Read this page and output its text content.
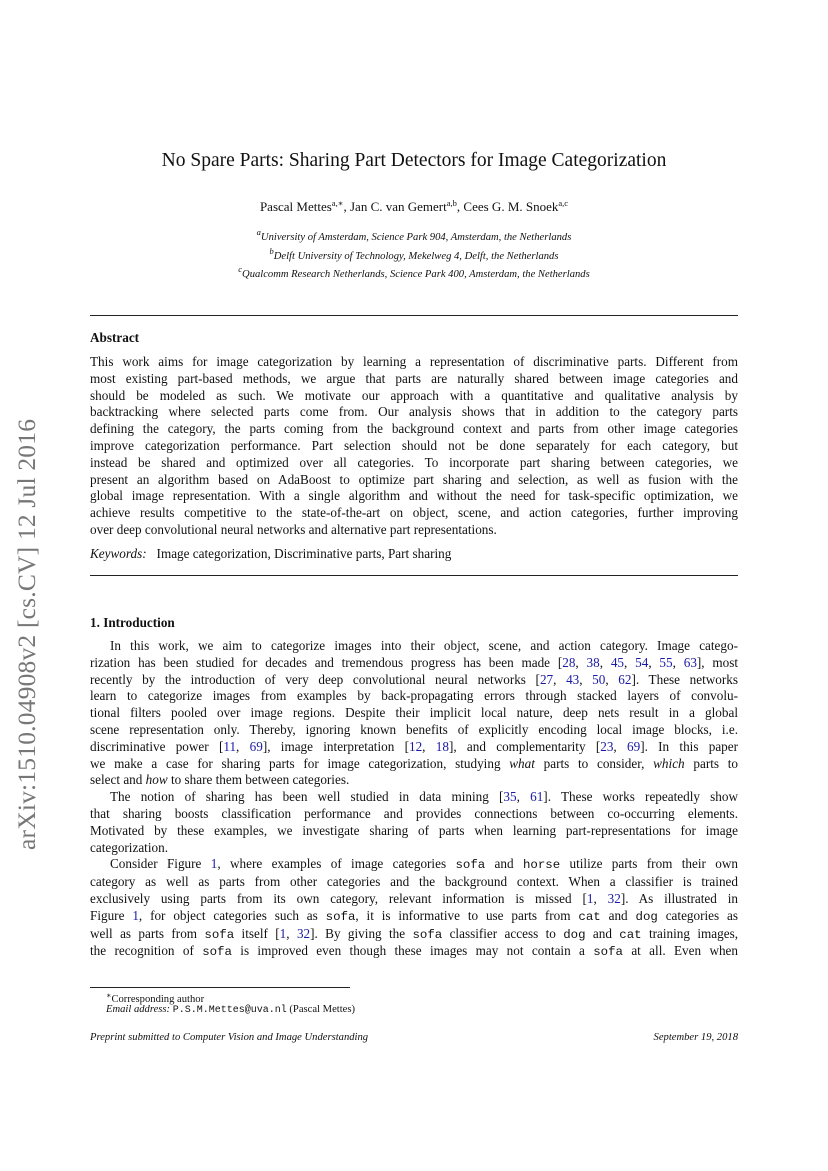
arXiv:1510.04908v2 [cs.CV] 12 Jul 2016
No Spare Parts: Sharing Part Detectors for Image Categorization
Pascal Mettes$^{a,∗}$, Jan C. van Gemert$^{a,b}$, Cees G. M. Snoek$^{a,c}$
$^a$University of Amsterdam, Science Park 904, Amsterdam, the Netherlands
$^b$Delft University of Technology, Mekelweg 4, Delft, the Netherlands
$^c$Qualcomm Research Netherlands, Science Park 400, Amsterdam, the Netherlands
Abstract
This work aims for image categorization by learning a representation of discriminative parts. Different from
most existing part-based methods, we argue that parts are naturally shared between image categories and
should be modeled as such. We motivate our approach with a quantitative and qualitative analysis by
backtracking where selected parts come from. Our analysis shows that in addition to the category parts
defining the category, the parts coming from the background context and parts from other image categories
improve categorization performance. Part selection should not be done separately for each category, but
instead be shared and optimized over all categories. To incorporate part sharing between categories, we
present an algorithm based on AdaBoost to optimize part sharing and selection, as well as fusion with the
global image representation. With a single algorithm and without the need for task-specific optimization, we
achieve results competitive to the state-of-the-art on object, scene, and action categories, further improving
over deep convolutional neural networks and alternative part representations.
Keywords: Image categorization, Discriminative parts, Part sharing
1. Introduction
In this work, we aim to categorize images into their object, scene, and action category. Image catego-
rization has been studied for decades and tremendous progress has been made [28, 38, 45, 54, 55, 63], most
recently by the introduction of very deep convolutional neural networks [27, 43, 50, 62]. These networks
learn to categorize images from examples by back-propagating errors through stacked layers of convolu-
tional filters pooled over image regions. Despite their implicit local nature, deep nets result in a global
scene representation only. Thereby, ignoring known benefits of explicitly encoding local image blocks, i.e.
discriminative power [11, 69], image interpretation [12, 18], and complementarity [23, 69]. In this paper
we make a case for sharing parts for image categorization, studying what parts to consider, which parts to
select and how to share them between categories.
The notion of sharing has been well studied in data mining [35, 61]. These works repeatedly show
that sharing boosts classification performance and provides connections between co-occurring elements.
Motivated by these examples, we investigate sharing of parts when learning part-representations for image
categorization.
Consider Figure 1, where examples of image categories sofa and horse utilize parts from their own
category as well as parts from other categories and the background context. When a classifier is trained
exclusively using parts from its own category, relevant information is missed [1, 32]. As illustrated in
Figure 1, for object categories such as sofa, it is informative to use parts from cat and dog categories as
well as parts from sofa itself [1, 32]. By giving the sofa classifier access to dog and cat training images,
the recognition of sofa is improved even though these images may not contain a sofa at all. Even when
∗Corresponding author
Email address: P.S.M.Mettes@uva.nl (Pascal Mettes)
Preprint submitted to Computer Vision and Image Understanding	September 19, 2018
